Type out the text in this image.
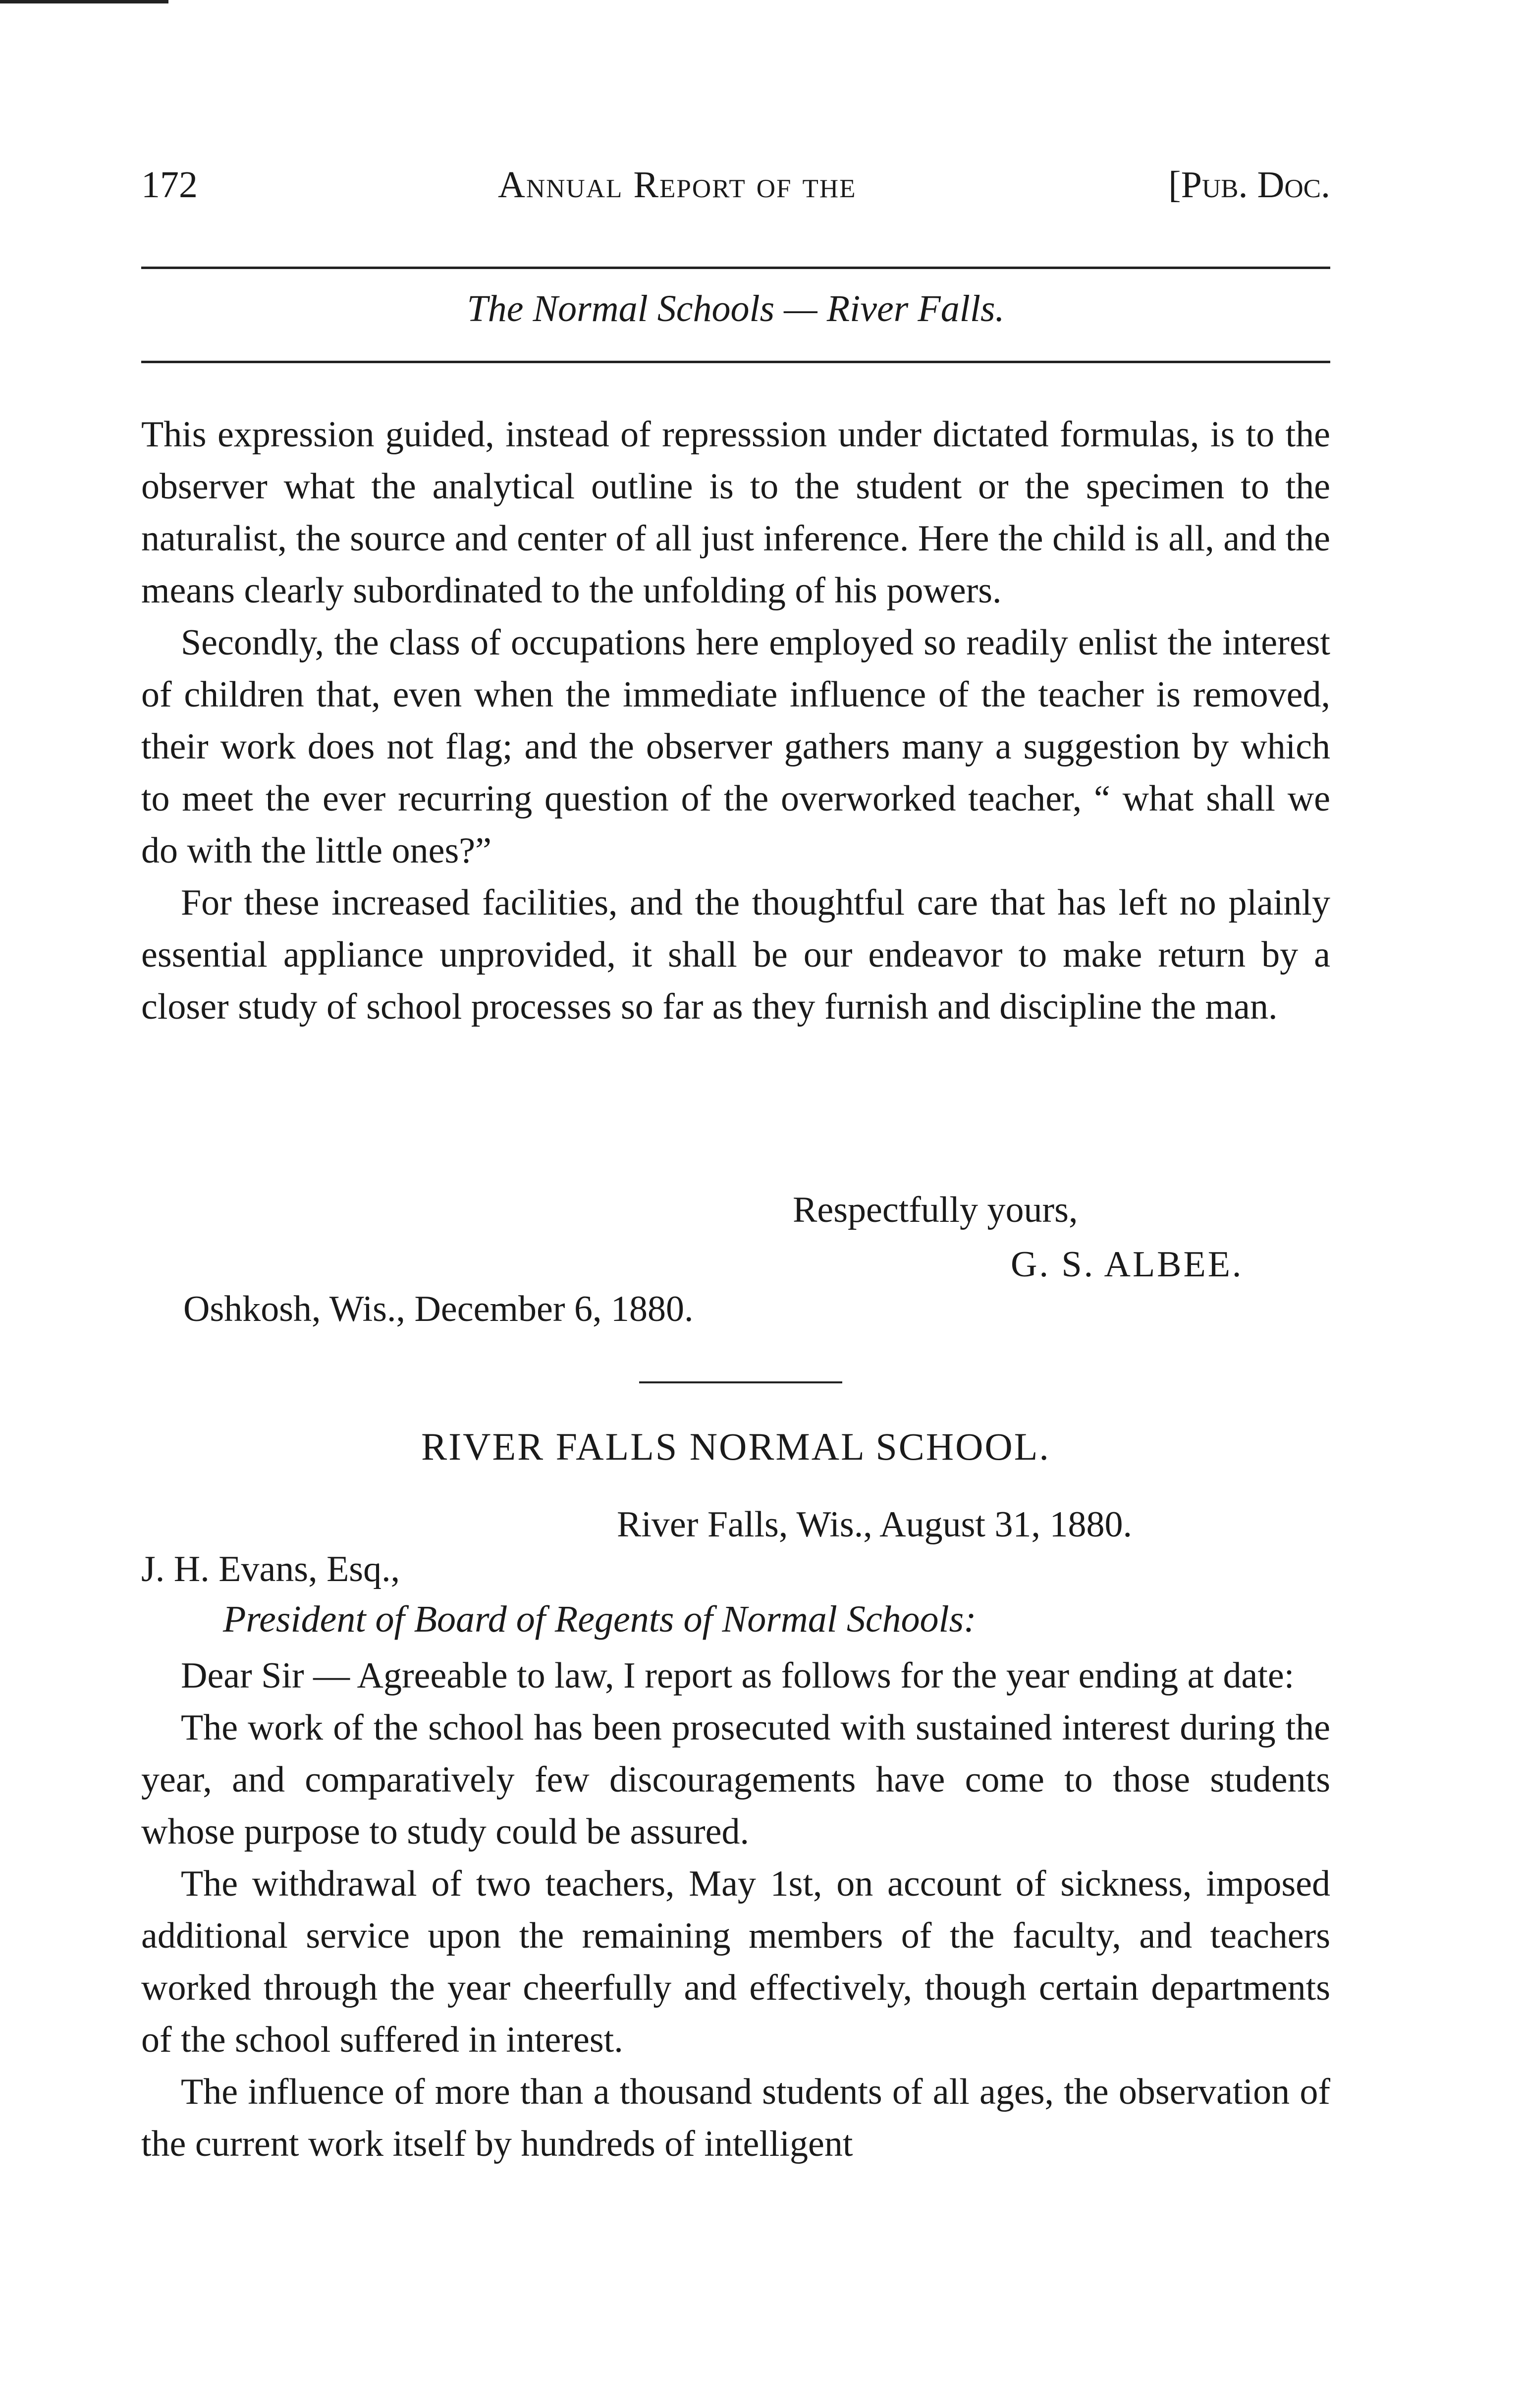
172	Annual Report of the	[Pub. Doc.
The Normal Schools — River Falls.

This expression guided, instead of represssion under dictated formulas, is to the observer what the analytical outline is to the student or the specimen to the naturalist, the source and center of all just inference. Here the child is all, and the means clearly subordinated to the unfolding of his powers.

Secondly, the class of occupations here employed so readily enlist the interest of children that, even when the immediate influence of the teacher is removed, their work does not flag; and the observer gathers many a suggestion by which to meet the ever recurring question of the overworked teacher, “ what shall we do with the little ones?”

For these increased facilities, and the thoughtful care that has left no plainly essential appliance unprovided, it shall be our endeavor to make return by a closer study of school processes so far as they furnish and discipline the man.

Respectfully yours,
G. S. ALBEE.
Oshkosh, Wis., December 6, 1880.
RIVER FALLS NORMAL SCHOOL.
River Falls, Wis., August 31, 1880.
J. H. Evans, Esq.,
President of Board of Regents of Normal Schools:

Dear Sir — Agreeable to law, I report as follows for the year ending at date:

The work of the school has been prosecuted with sustained interest during the year, and comparatively few discouragements have come to those students whose purpose to study could be assured.

The withdrawal of two teachers, May 1st, on account of sickness, imposed additional service upon the remaining members of the faculty, and teachers worked through the year cheerfully and effectively, though certain departments of the school suffered in interest.

The influence of more than a thousand students of all ages, the observation of the current work itself by hundreds of intelligent
